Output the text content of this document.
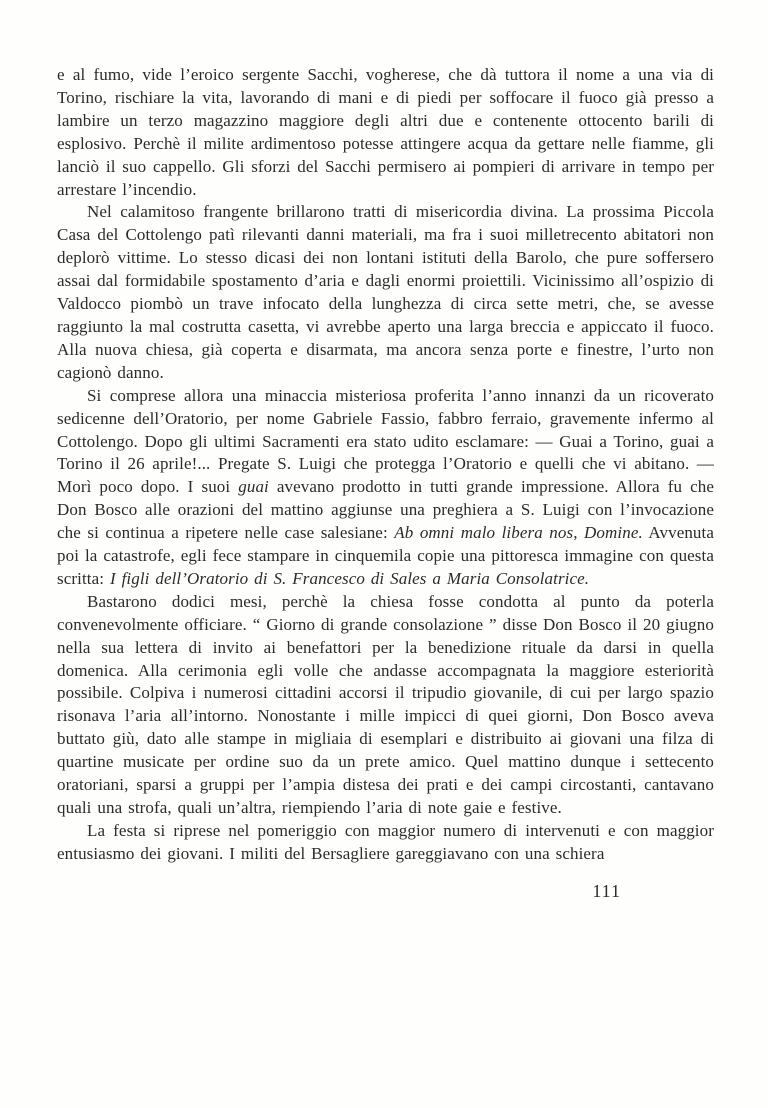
e al fumo, vide l’eroico sergente Sacchi, vogherese, che dà tuttora il nome a una via di Torino, rischiare la vita, lavorando di mani e di piedi per soffocare il fuoco già presso a lambire un terzo magazzino maggiore degli altri due e contenente ottocento barili di esplosivo. Perchè il milite ardimentoso potesse attingere acqua da gettare nelle fiamme, gli lanciò il suo cappello. Gli sforzi del Sacchi permisero ai pompieri di arrivare in tempo per arrestare l’incendio.

Nel calamitoso frangente brillarono tratti di misericordia divina. La prossima Piccola Casa del Cottolengo patì rilevanti danni materiali, ma fra i suoi milletrecento abitatori non deplorò vittime. Lo stesso dicasi dei non lontani istituti della Barolo, che pure soffersero assai dal formidabile spostamento d’aria e dagli enormi proiettili. Vicinissimo all’ospizio di Valdocco piombò un trave infocato della lunghezza di circa sette metri, che, se avesse raggiunto la mal costrutta casetta, vi avrebbe aperto una larga breccia e appiccato il fuoco. Alla nuova chiesa, già coperta e disarmata, ma ancora senza porte e finestre, l’urto non cagionò danno.

Si comprese allora una minaccia misteriosa proferita l’anno innanzi da un ricoverato sedicenne dell’Oratorio, per nome Gabriele Fassio, fabbro ferraio, gravemente infermo al Cottolengo. Dopo gli ultimi Sacramenti era stato udito esclamare: — Guai a Torino, guai a Torino il 26 aprile!... Pregate S. Luigi che protegga l’Oratorio e quelli che vi abitano. — Morì poco dopo. I suoi guai avevano prodotto in tutti grande impressione. Allora fu che Don Bosco alle orazioni del mattino aggiunse una preghiera a S. Luigi con l’invocazione che si continua a ripetere nelle case salesiane: Ab omni malo libera nos, Domine. Avvenuta poi la catastrofe, egli fece stampare in cinquemila copie una pittoresca immagine con questa scritta: I figli dell’Oratorio di S. Francesco di Sales a Maria Consolatrice.

Bastarono dodici mesi, perchè la chiesa fosse condotta al punto da poterla convenevolmente officiare. “ Giorno di grande consolazione ” disse Don Bosco il 20 giugno nella sua lettera di invito ai benefattori per la benedizione rituale da darsi in quella domenica. Alla cerimonia egli volle che andasse accompagnata la maggiore esteriorità possibile. Colpiva i numerosi cittadini accorsi il tripudio giovanile, di cui per largo spazio risonava l’aria all’intorno. Nonostante i mille impicci di quei giorni, Don Bosco aveva buttato giù, dato alle stampe in migliaia di esemplari e distribuito ai giovani una filza di quartine musicate per ordine suo da un prete amico. Quel mattino dunque i settecento oratoriani, sparsi a gruppi per l’ampia distesa dei prati e dei campi circostanti, cantavano quali una strofa, quali un’altra, riempiendo l’aria di note gaie e festive.

La festa si riprese nel pomeriggio con maggior numero di intervenuti e con maggior entusiasmo dei giovani. I militi del Bersagliere gareggiavano con una schiera

111
